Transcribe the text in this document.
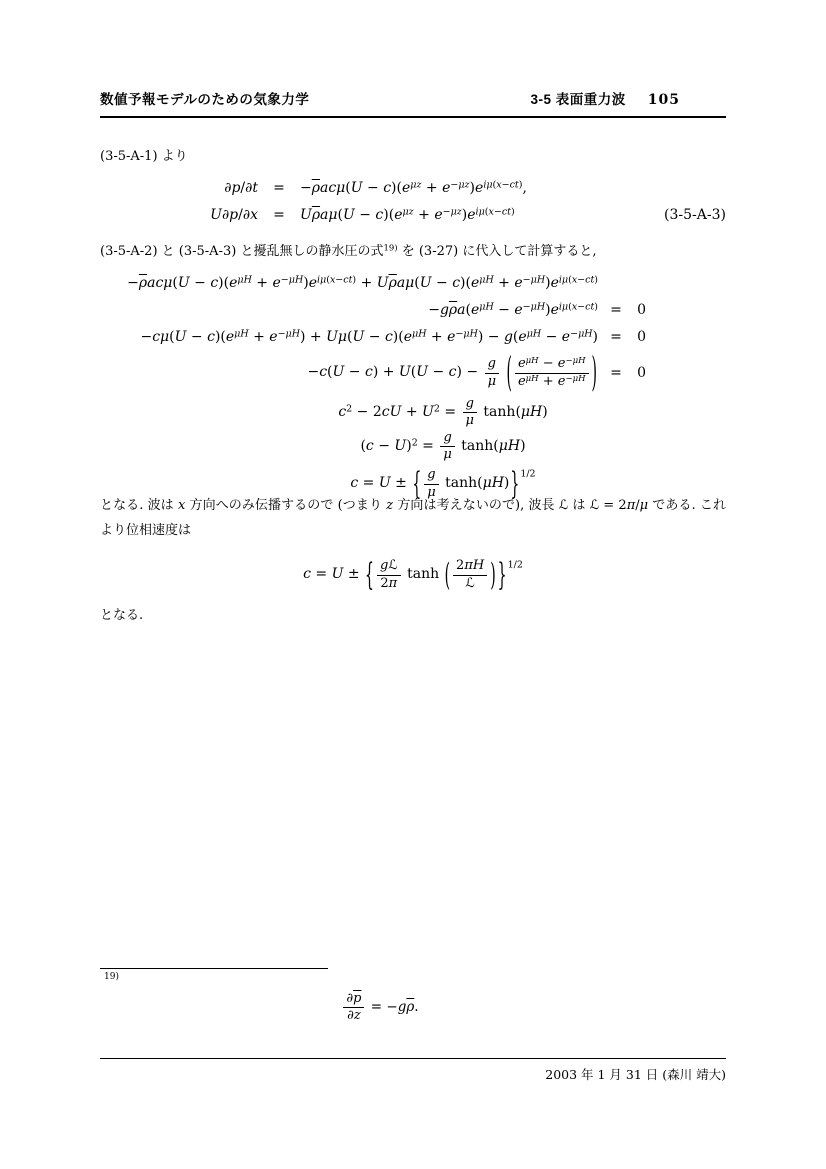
数値予報モデルのための気象力学	3-5 表面重力波 105
(3-5-A-1) より
∂p/∂t	=	$-\overline{\rho}ac\mu(U - c)(e^{\mu z} + e^{-\mu z})e^{i\mu(x-ct)}$,
U∂p/∂x	=	$U\overline{\rho}a\mu(U - c)(e^{\mu z} + e^{-\mu z})e^{i\mu(x-ct)}$	(3-5-A-3)
(3-5-A-2) と (3-5-A-3) と擾乱無しの静水圧の式$^{19)}$ を (3-27) に代入して計算すると,
$-\overline{\rho}ac\mu(U - c)(e^{\mu H} + e^{-\mu H})e^{i\mu(x-ct)} + U\overline{\rho}a\mu(U - c)(e^{\mu H} + e^{-\mu H})e^{i\mu(x-ct)}$
$-g\overline{\rho}a(e^{\mu H} - e^{-\mu H})e^{i\mu(x-ct)}$ =	0
$-c\mu(U - c)(e^{\mu H} + e^{-\mu H}) + U\mu(U - c)(e^{\mu H} + e^{-\mu H}) - g(e^{\mu H} - e^{-\mu H})$ =	0
$-c(U - c) + U(U - c) - \frac{g}{\mu}$ ( $\frac{e^{\mu H} - e^{-\mu H}}{e^{\mu H} + e^{-\mu H}}$ ) =	0
$c^2 - 2cU + U^2 = \frac{g}{\mu} \tanh(\mu H)$
$(c - U)^2 = \frac{g}{\mu} \tanh(\mu H)$
c = U ± { $\frac{g}{\mu} \tanh(\mu H)\}^{1/2}$
となる. 波は x 方向へのみ伝播するので (つまり z 方向は考えないので), 波長 ℒ は ℒ = 2π/μ である. これより位相速度は
c = U ± { $\frac{\text{gℒ}}{2\pi}$ tanh ( $\frac{2\pi H}{\text{ℒ}}$ ) }$^{1/2}$
となる.
19)
$\frac{\partial\overline{p}}{\partial z} = -g\overline{\rho}$.
2003 年 1 月 31 日 (森川 靖大)
